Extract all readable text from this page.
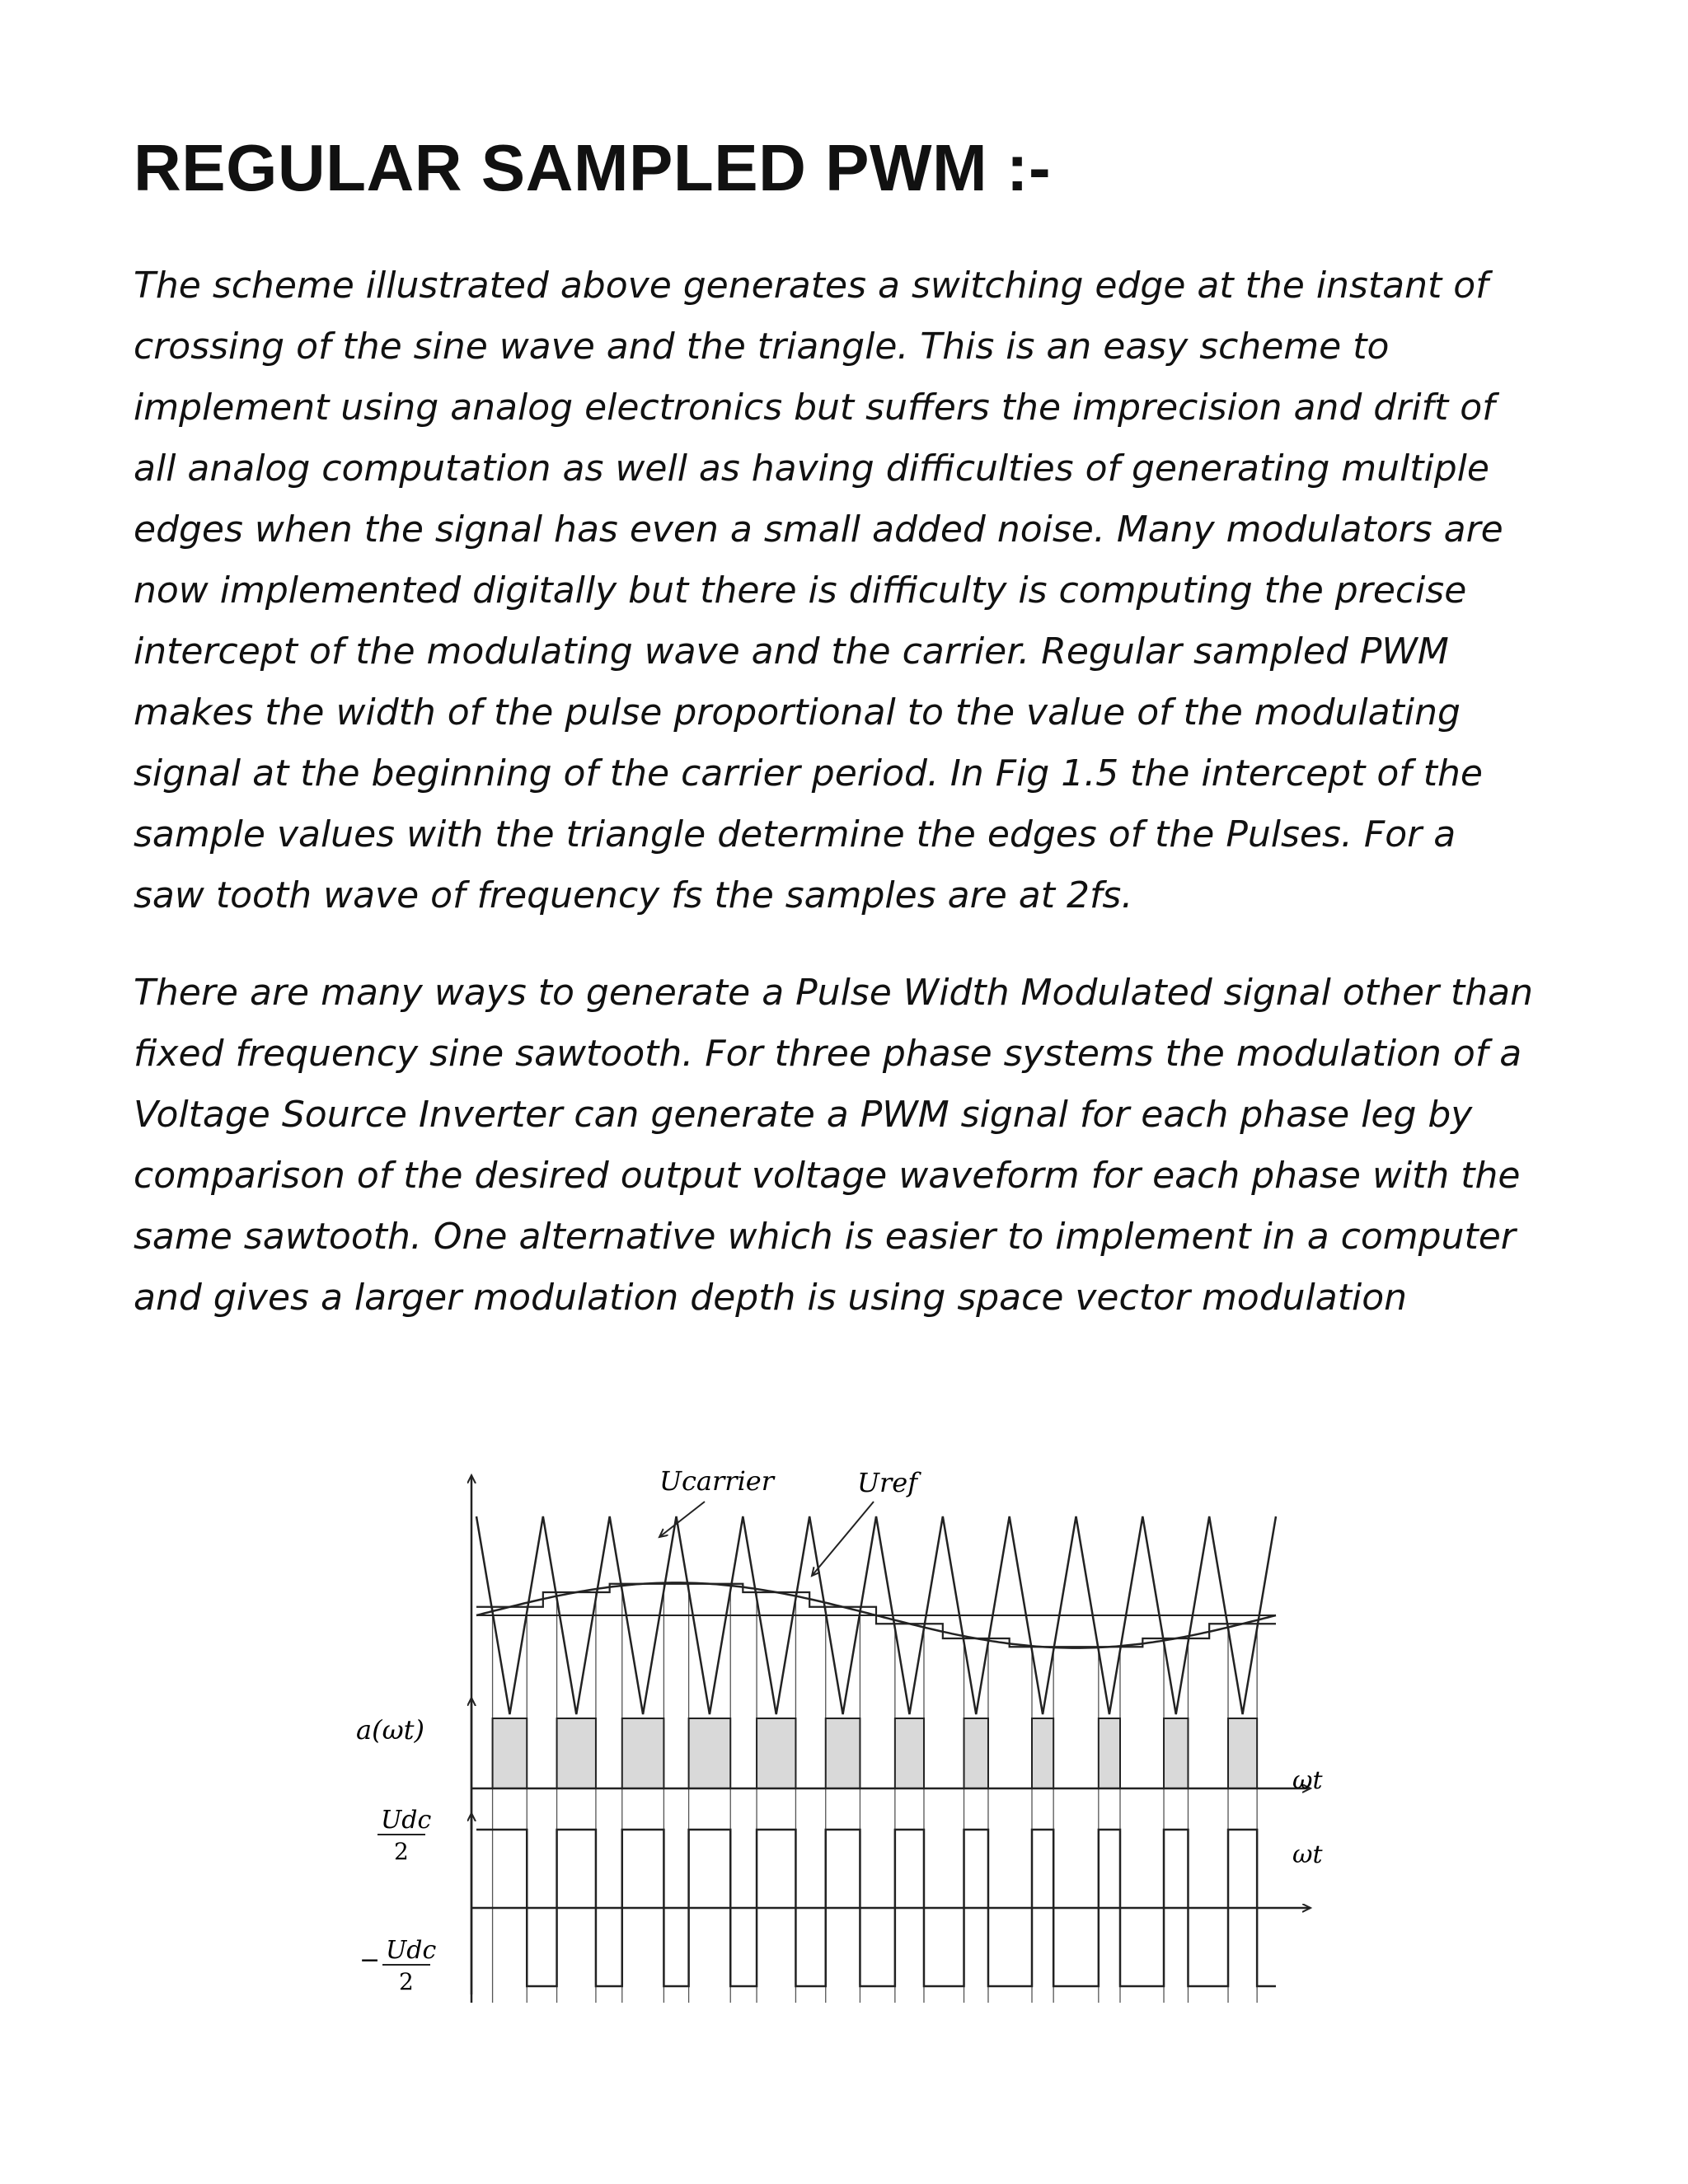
REGULAR SAMPLED PWM :-

The scheme illustrated above generates a switching edge at the instant of crossing of the sine wave and the triangle. This is an easy scheme to implement using analog electronics but suffers the imprecision and drift of all analog computation as well as having difficulties of generating multiple edges when the signal has even a small added noise. Many modulators are now implemented digitally but there is difficulty is computing the precise intercept of the modulating wave and the carrier. Regular sampled PWM makes the width of the pulse proportional to the value of the modulating signal at the beginning of the carrier period. In Fig 1.5 the intercept of the sample values with the triangle determine the edges of the Pulses. For a saw tooth wave of frequency fs the samples are at 2fs.

There are many ways to generate a Pulse Width Modulated signal other than fixed frequency sine sawtooth. For three phase systems the modulation of a Voltage Source Inverter can generate a PWM signal for each phase leg by comparison of the desired output voltage waveform for each phase with the same sawtooth. One alternative which is easier to implement in a computer and gives a larger modulation depth is using space vector modulation

Ucarrier	Uref
a(ωt)
ωt
ωt
Udc
2
− Udc
2
